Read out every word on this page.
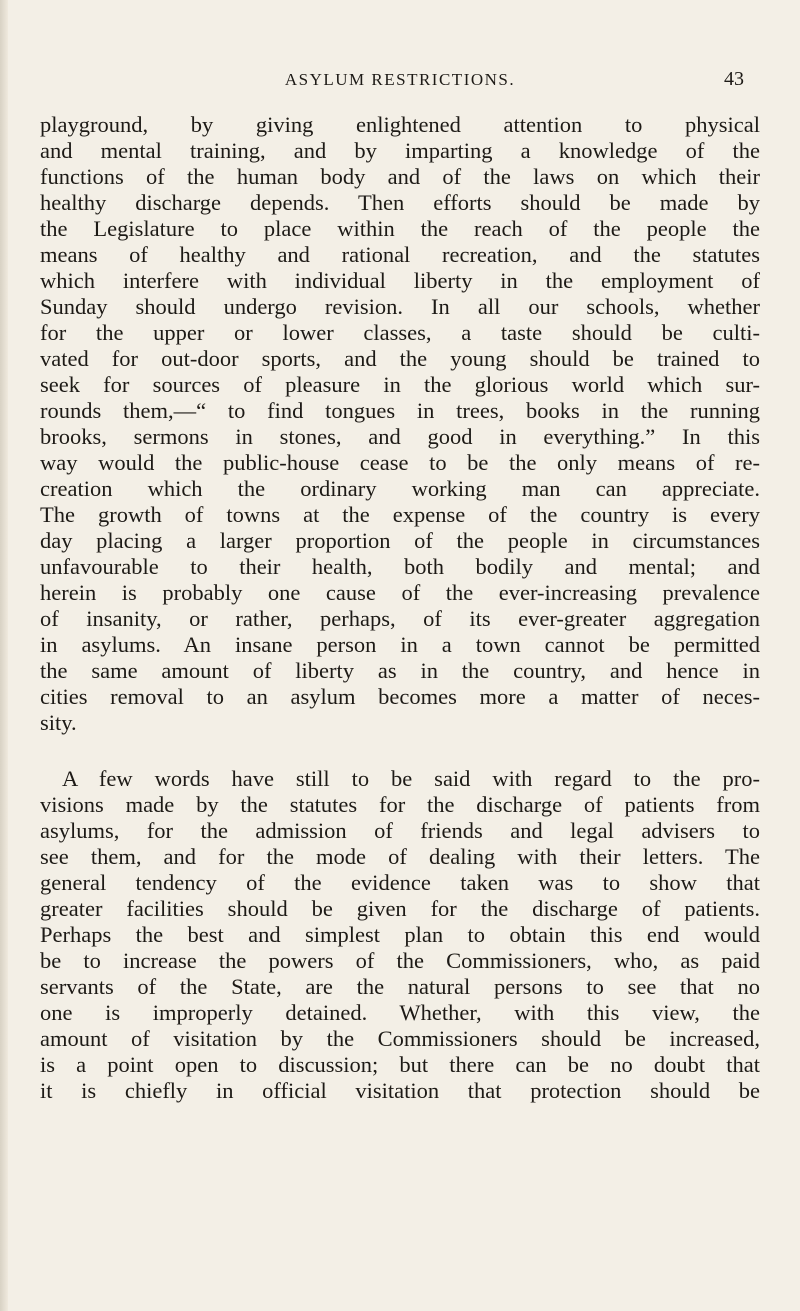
ASYLUM RESTRICTIONS.	43
playground, by giving enlightened attention to physical
and mental training, and by imparting a knowledge of the
functions of the human body and of the laws on which their
healthy discharge depends. Then efforts should be made by
the Legislature to place within the reach of the people the
means of healthy and rational recreation, and the statutes
which interfere with individual liberty in the employment of
Sunday should undergo revision. In all our schools, whether
for the upper or lower classes, a taste should be culti-
vated for out-door sports, and the young should be trained to
seek for sources of pleasure in the glorious world which sur-
rounds them,—“ to find tongues in trees, books in the running
brooks, sermons in stones, and good in everything.” In this
way would the public-house cease to be the only means of re-
creation which the ordinary working man can appreciate.
The growth of towns at the expense of the country is every
day placing a larger proportion of the people in circumstances
unfavourable to their health, both bodily and mental; and
herein is probably one cause of the ever-increasing prevalence
of insanity, or rather, perhaps, of its ever-greater aggregation
in asylums. An insane person in a town cannot be permitted
the same amount of liberty as in the country, and hence in
cities removal to an asylum becomes more a matter of neces-
sity.
A few words have still to be said with regard to the pro-
visions made by the statutes for the discharge of patients from
asylums, for the admission of friends and legal advisers to
see them, and for the mode of dealing with their letters. The
general tendency of the evidence taken was to show that
greater facilities should be given for the discharge of patients.
Perhaps the best and simplest plan to obtain this end would
be to increase the powers of the Commissioners, who, as paid
servants of the State, are the natural persons to see that no
one is improperly detained. Whether, with this view, the
amount of visitation by the Commissioners should be increased,
is a point open to discussion; but there can be no doubt that
it is chiefly in official visitation that protection should be
